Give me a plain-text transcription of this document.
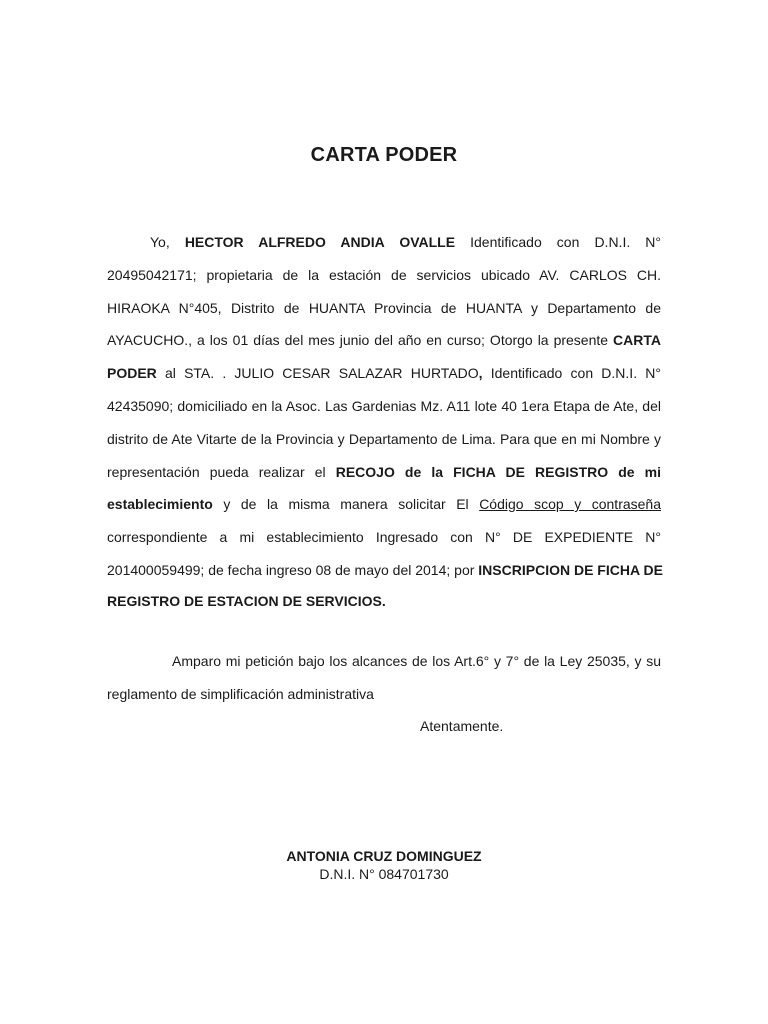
CARTA PODER
Yo, HECTOR ALFREDO ANDIA OVALLE Identificado con D.N.I. N°
20495042171; propietaria de la estación de servicios ubicado AV. CARLOS CH.
HIRAOKA N°405, Distrito de HUANTA Provincia de HUANTA y Departamento de
AYACUCHO., a los 01 días del mes junio del año en curso; Otorgo la presente CARTA
PODER al STA. . JULIO CESAR SALAZAR HURTADO, Identificado con D.N.I. N°
42435090; domiciliado en la Asoc. Las Gardenias Mz. A11 lote 40 1era Etapa de Ate, del
distrito de Ate Vitarte de la Provincia y Departamento de Lima. Para que en mi Nombre y
representación pueda realizar el RECOJO de la FICHA DE REGISTRO de mi
establecimiento y de la misma manera solicitar El Código scop y contraseña
correspondiente a mi establecimiento Ingresado con N° DE EXPEDIENTE N°
201400059499; de fecha ingreso 08 de mayo del 2014; por INSCRIPCION DE FICHA DE
REGISTRO DE ESTACION DE SERVICIOS.
Amparo mi petición bajo los alcances de los Art.6° y 7° de la Ley 25035, y su
reglamento de simplificación administrativa
Atentamente.
ANTONIA CRUZ DOMINGUEZ
D.N.I. N° 084701730
